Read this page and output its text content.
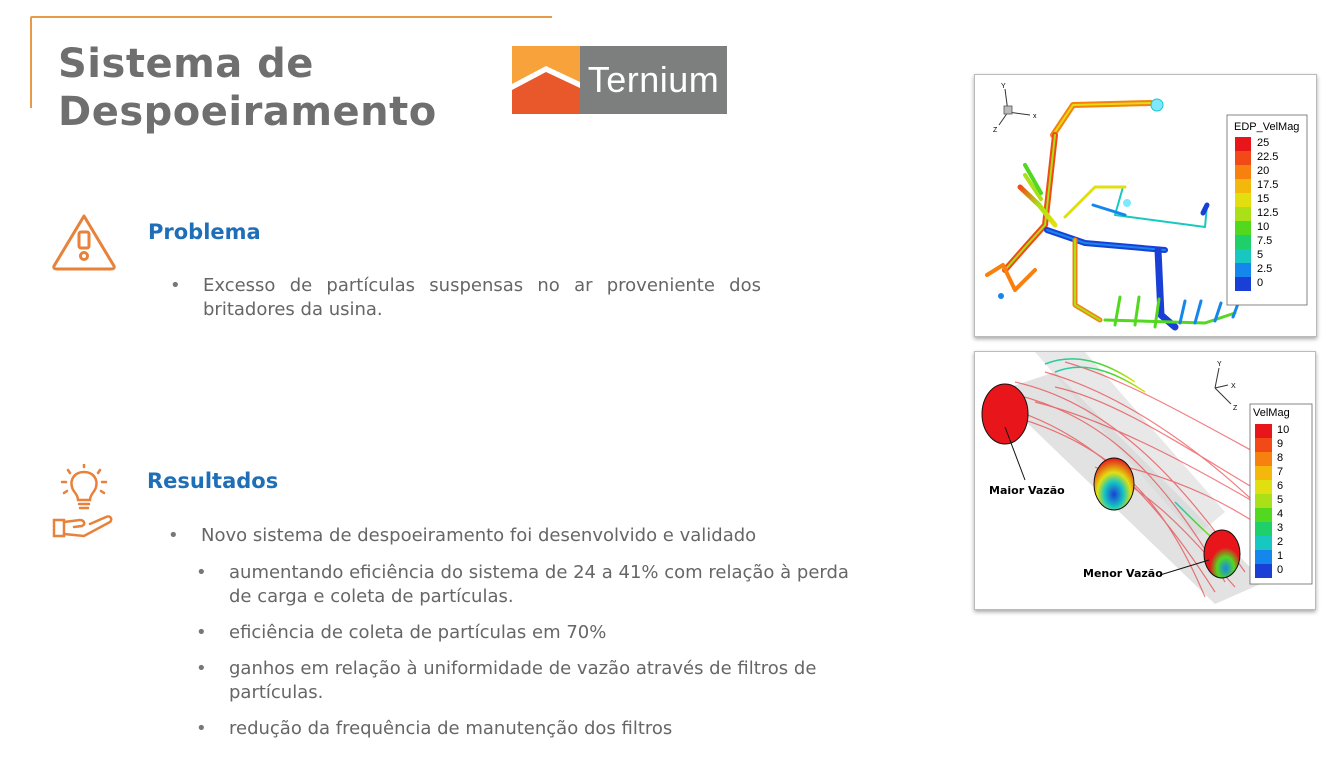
Sistema de
Despoeiramento
Ternium
Problema
• Excesso de partículas suspensas no ar proveniente dos britadores da usina.
Resultados
• Novo sistema de despoeiramento foi desenvolvido e validado
• aumentando eficiência do sistema de 24 a 41% com relação à perda de carga e coleta de partículas.
• eficiência de coleta de partículas em 70%
• ganhos em relação à uniformidade de vazão através de filtros de partículas.
• redução da frequência de manutenção dos filtros
x
Y
Z	EDP_VelMag
25
22.5
20
17.5
15
12.5
10
7.5
5
2.5
0
Maior Vazão
Menor Vazão
X
Y
Z VelMag
10
9
8
7
6
5
4
3
2
1
0
